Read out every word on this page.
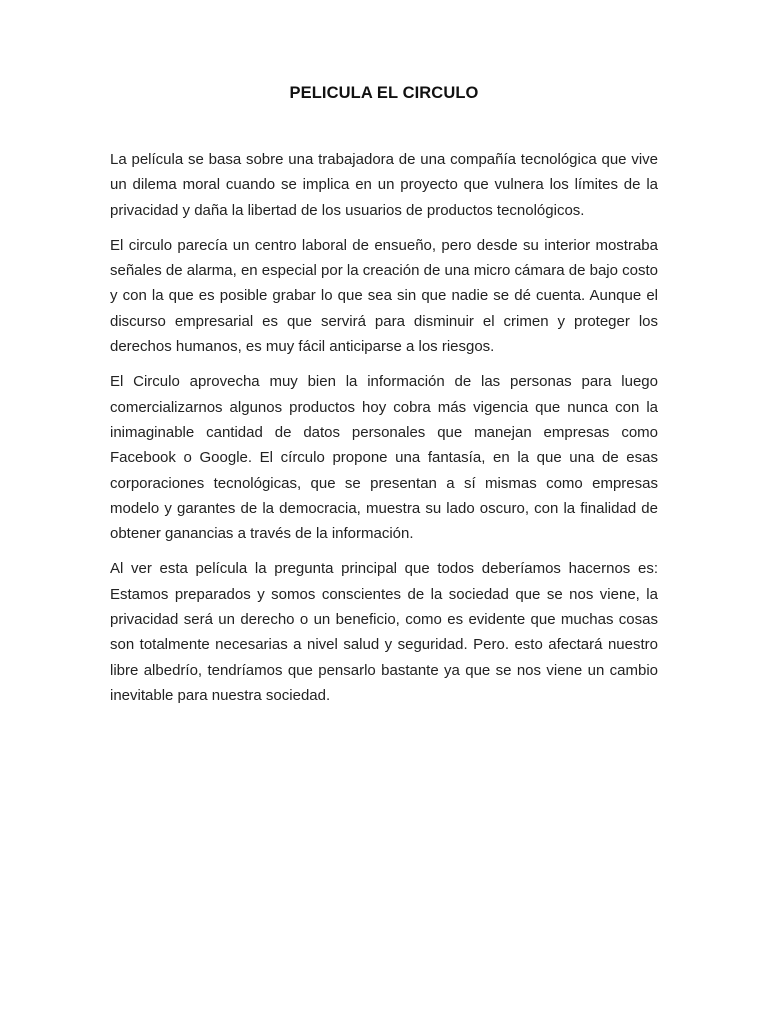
PELICULA EL CIRCULO

La película se basa sobre una trabajadora de una compañía tecnológica que vive un dilema moral cuando se implica en un proyecto que vulnera los límites de la privacidad y daña la libertad de los usuarios de productos tecnológicos.

El circulo parecía un centro laboral de ensueño, pero desde su interior mostraba señales de alarma, en especial por la creación de una micro cámara de bajo costo y con la que es posible grabar lo que sea sin que nadie se dé cuenta. Aunque el discurso empresarial es que servirá para disminuir el crimen y proteger los derechos humanos, es muy fácil anticiparse a los riesgos.

El Circulo aprovecha muy bien la información de las personas para luego comercializarnos algunos productos hoy cobra más vigencia que nunca con la inimaginable cantidad de datos personales que manejan empresas como Facebook o Google. El círculo propone una fantasía, en la que una de esas corporaciones tecnológicas, que se presentan a sí mismas como empresas modelo y garantes de la democracia, muestra su lado oscuro, con la finalidad de obtener ganancias a través de la información.

Al ver esta película la pregunta principal que todos deberíamos hacernos es: Estamos preparados y somos conscientes de la sociedad que se nos viene, la privacidad será un derecho o un beneficio, como es evidente que muchas cosas son totalmente necesarias a nivel salud y seguridad. Pero. esto afectará nuestro libre albedrío, tendríamos que pensarlo bastante ya que se nos viene un cambio inevitable para nuestra sociedad.
